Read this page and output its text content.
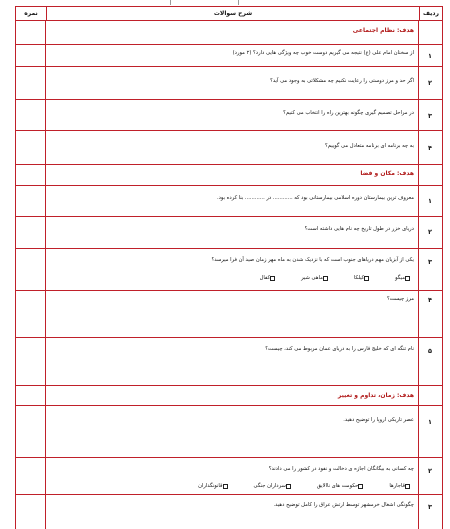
نمره	شرح سوالات	ردیف
هدف: نظام اجتماعی
۱
از سخنان امام علی (ع) نتیجه می گیریم دوست خوب چه ویژگی هایی دارد؟ (۲ مورد)
۲
اگر حد و مرز دوستی را رعایت نکنیم چه مشکلاتی به وجود می آید؟
۳
در مراحل تصمیم گیری چگونه بهترین راه را انتخاب می کنیم؟
۴
به چه برنامه ای برنامه متعادل می گوییم؟
هدف: مکان و فضا
۱
معروف ترین بیمارستان دوره اسلامی بیمارستانی بود که ............ در ............ بنا کرده بود.
۲
دریای خزر در طول تاریخ چه نام هایی داشته است؟
۳
یکی از آبزیان مهم دریاهای جنوب است که با نزدیک شدن به ماه مهر زمان صید آن فرا میرسد؟
میگو
کیلکا
ماهی شیر
کفال
۴
مرز چیست؟
۵
نام تنگه ای که خلیج فارس را به دریای عمان مربوط می کند، چیست؟
هدف: زمان، تداوم و تغییر
۱
عصر تاریکی اروپا را توضیح دهید.
۲
چه کسانی به بیگانگان اجازه ی دخالت و نفوذ در کشور را می دادند؟
قاجارها
حکومت های ناالایق
سرداران جنگی
قانونگذاران
۳
چگونگی اشغال خرمشهر توسط ارتش عراق را کامل توضیح دهید.
